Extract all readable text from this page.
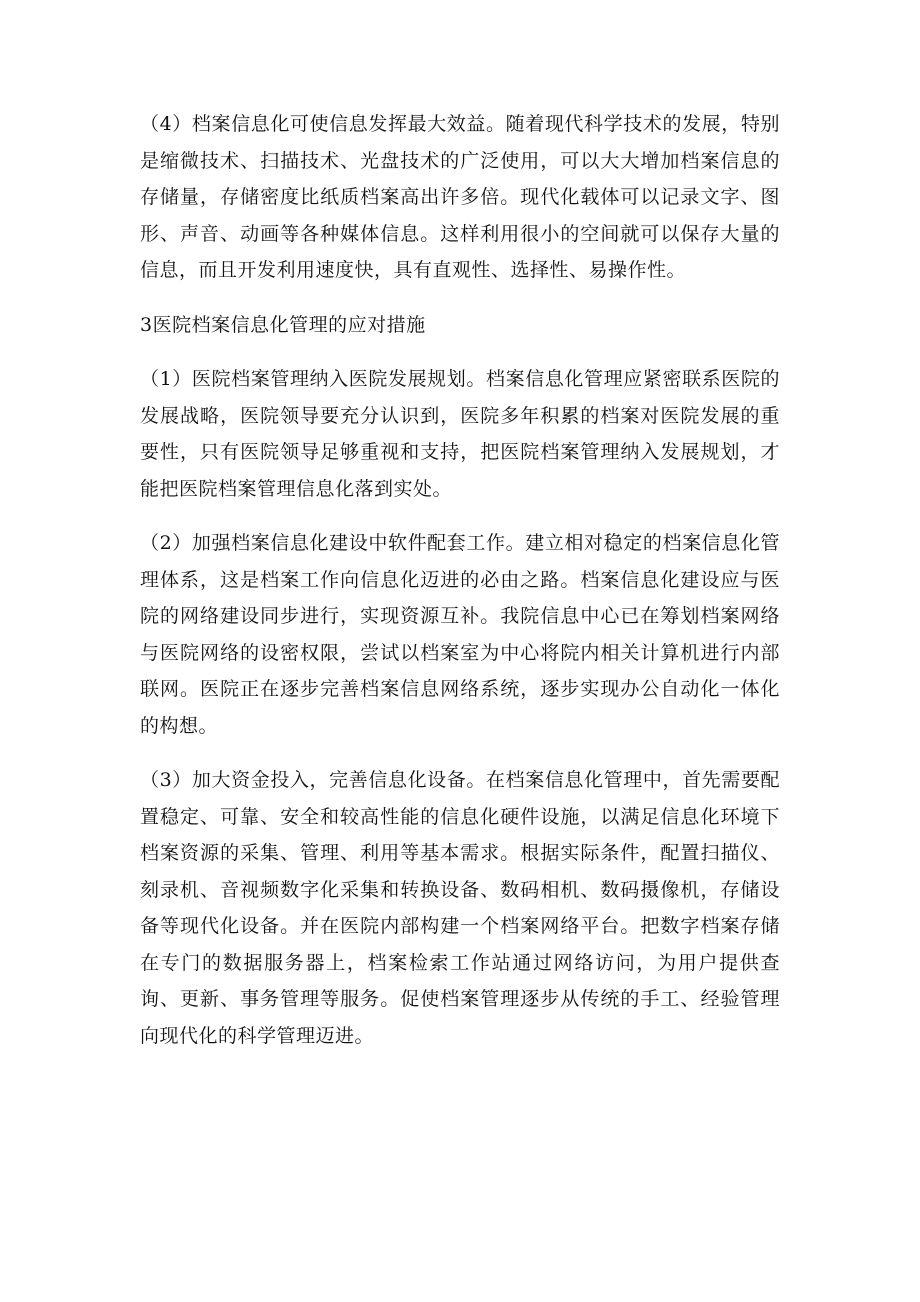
（4）档案信息化可使信息发挥最大效益。随着现代科学技术的发展，特别是缩微技术、扫描技术、光盘技术的广泛使用，可以大大增加档案信息的存储量，存储密度比纸质档案高出许多倍。现代化载体可以记录文字、图形、声音、动画等各种媒体信息。这样利用很小的空间就可以保存大量的信息，而且开发利用速度快，具有直观性、选择性、易操作性。

3医院档案信息化管理的应对措施

（1）医院档案管理纳入医院发展规划。档案信息化管理应紧密联系医院的发展战略，医院领导要充分认识到，医院多年积累的档案对医院发展的重要性，只有医院领导足够重视和支持，把医院档案管理纳入发展规划，才能把医院档案管理信息化落到实处。

（2）加强档案信息化建设中软件配套工作。建立相对稳定的档案信息化管理体系，这是档案工作向信息化迈进的必由之路。档案信息化建设应与医院的网络建设同步进行，实现资源互补。我院信息中心已在筹划档案网络与医院网络的设密权限，尝试以档案室为中心将院内相关计算机进行内部联网。医院正在逐步完善档案信息网络系统，逐步实现办公自动化一体化的构想。

（3）加大资金投入，完善信息化设备。在档案信息化管理中，首先需要配置稳定、可靠、安全和较高性能的信息化硬件设施，以满足信息化环境下档案资源的采集、管理、利用等基本需求。根据实际条件，配置扫描仪、刻录机、音视频数字化采集和转换设备、数码相机、数码摄像机，存储设备等现代化设备。并在医院内部构建一个档案网络平台。把数字档案存储在专门的数据服务器上，档案检索工作站通过网络访问，为用户提供查询、更新、事务管理等服务。促使档案管理逐步从传统的手工、经验管理向现代化的科学管理迈进。
